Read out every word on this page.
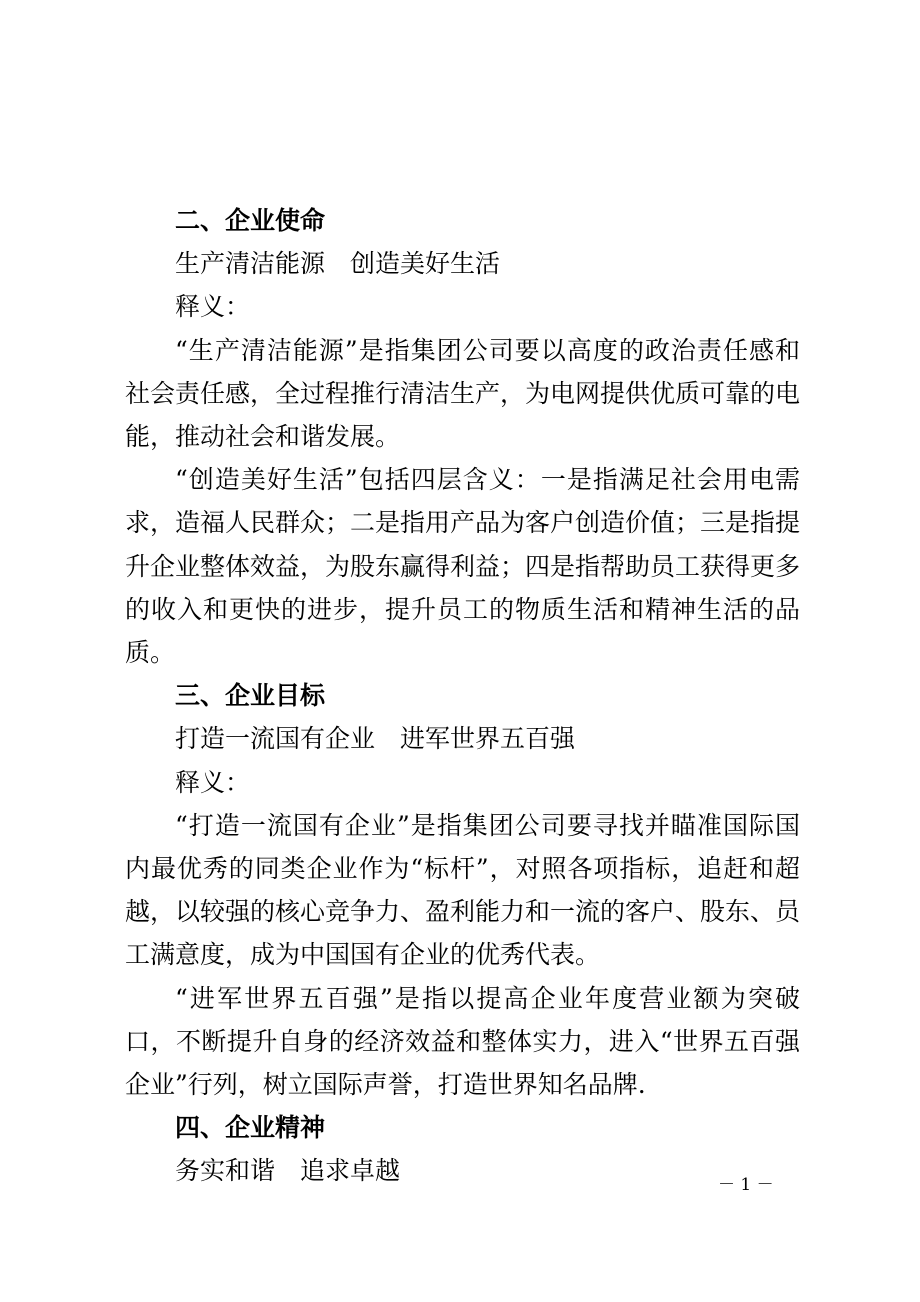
二、企业使命
生产清洁能源　创造美好生活
释义：

“生产清洁能源”是指集团公司要以高度的政治责任感和社会责任感，全过程推行清洁生产，为电网提供优质可靠的电能，推动社会和谐发展。

“创造美好生活”包括四层含义：一是指满足社会用电需求，造福人民群众；二是指用产品为客户创造价值；三是指提升企业整体效益，为股东赢得利益；四是指帮助员工获得更多的收入和更快的进步，提升员工的物质生活和精神生活的品质。

三、企业目标
打造一流国有企业　进军世界五百强
释义：

“打造一流国有企业”是指集团公司要寻找并瞄准国际国内最优秀的同类企业作为“标杆”，对照各项指标，追赶和超越，以较强的核心竞争力、盈利能力和一流的客户、股东、员工满意度，成为中国国有企业的优秀代表。

“进军世界五百强”是指以提高企业年度营业额为突破口，不断提升自身的经济效益和整体实力，进入“世界五百强企业”行列，树立国际声誉，打造世界知名品牌.

四、企业精神
务实和谐　追求卓越	－ 1 －
